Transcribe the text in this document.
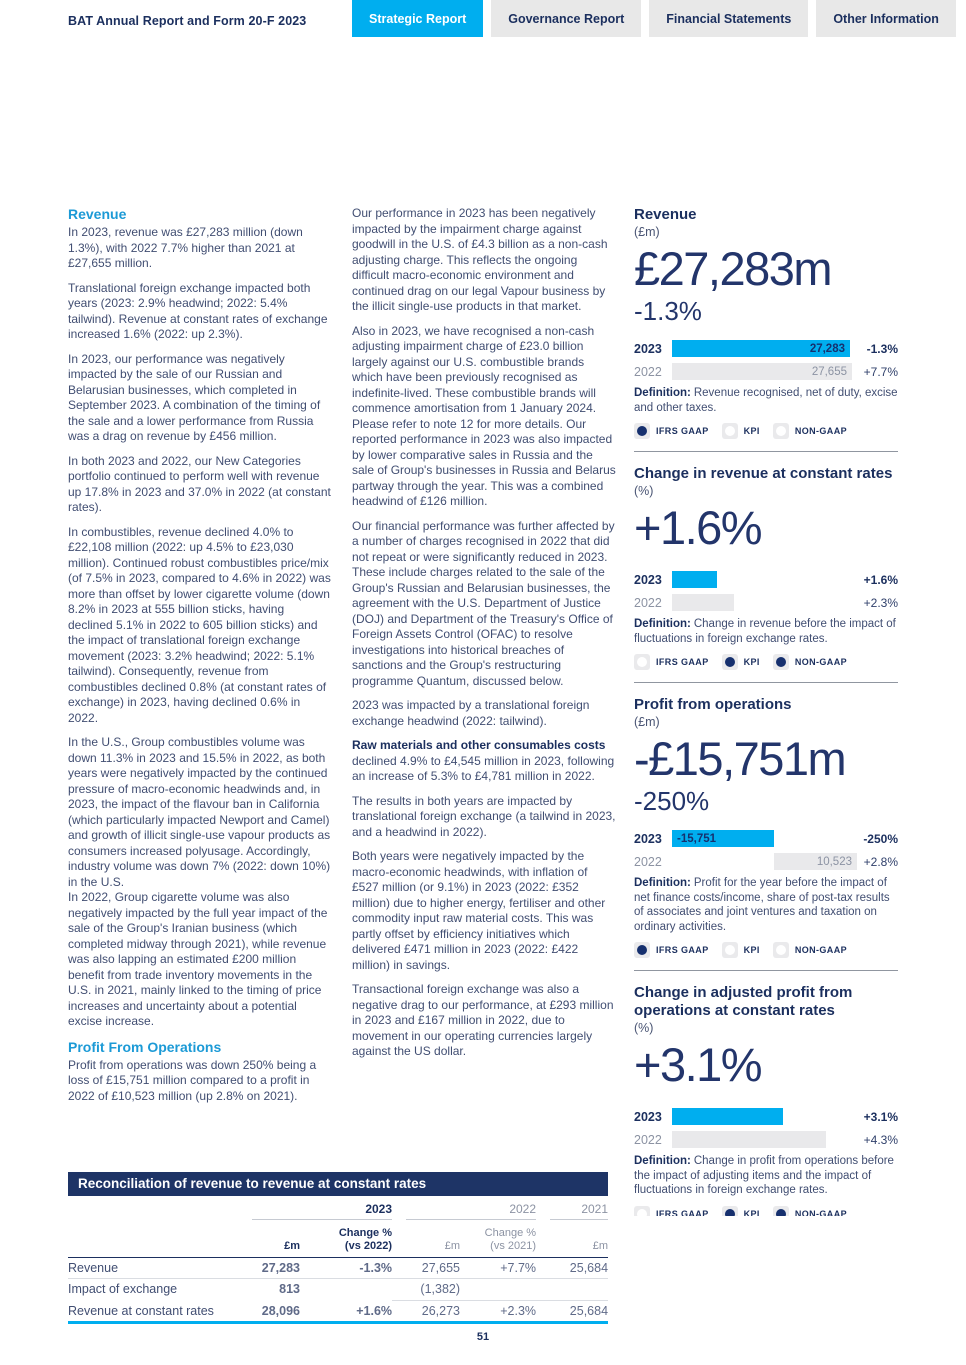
BAT Annual Report and Form 20-F 2023	Strategic Report	Governance Report	Financial Statements	Other Information
Revenue

In 2023, revenue was £27,283 million (down 1.3%), with 2022 7.7% higher than 2021 at £27,655 million.

Translational foreign exchange impacted both years (2023: 2.9% headwind; 2022: 5.4% tailwind). Revenue at constant rates of exchange increased 1.6% (2022: up 2.3%).

In 2023, our performance was negatively impacted by the sale of our Russian and Belarusian businesses, which completed in September 2023. A combination of the timing of the sale and a lower performance from Russia was a drag on revenue by £456 million.

In both 2023 and 2022, our New Categories portfolio continued to perform well with revenue up 17.8% in 2023 and 37.0% in 2022 (at constant rates).

In combustibles, revenue declined 4.0% to £22,108 million (2022: up 4.5% to £23,030 million). Continued robust combustibles price/mix (of 7.5% in 2023, compared to 4.6% in 2022) was more than offset by lower cigarette volume (down 8.2% in 2023 at 555 billion sticks, having declined 5.1% in 2022 to 605 billion sticks) and the impact of translational foreign exchange movement (2023: 3.2% headwind; 2022: 5.1% tailwind). Consequently, revenue from combustibles declined 0.8% (at constant rates of exchange) in 2023, having declined 0.6% in 2022.

In the U.S., Group combustibles volume was down 11.3% in 2023 and 15.5% in 2022, as both years were negatively impacted by the continued pressure of macro-economic headwinds and, in 2023, the impact of the flavour ban in California (which particularly impacted Newport and Camel) and growth of illicit single-use vapour products as consumers increased polyusage. Accordingly, industry volume was down 7% (2022: down 10%) in the U.S.

In 2022, Group cigarette volume was also negatively impacted by the full year impact of the sale of the Group's Iranian business (which completed midway through 2021), while revenue was also lapping an estimated £200 million benefit from trade inventory movements in the U.S. in 2021, mainly linked to the timing of price increases and uncertainty about a potential excise increase.

Profit From Operations

Profit from operations was down 250% being a loss of £15,751 million compared to a profit in 2022 of £10,523 million (up 2.8% on 2021).

Our performance in 2023 has been negatively impacted by the impairment charge against goodwill in the U.S. of £4.3 billion as a non-cash adjusting charge. This reflects the ongoing difficult macro-economic environment and continued drag on our legal Vapour business by the illicit single-use products in that market.

Also in 2023, we have recognised a non-cash adjusting impairment charge of £23.0 billion largely against our U.S. combustible brands which have been previously recognised as indefinite-lived. These combustible brands will commence amortisation from 1 January 2024. Please refer to note 12 for more details. Our reported performance in 2023 was also impacted by lower comparative sales in Russia and the sale of Group's businesses in Russia and Belarus partway through the year. This was a combined headwind of £126 million.

Our financial performance was further affected by a number of charges recognised in 2022 that did not repeat or were significantly reduced in 2023. These include charges related to the sale of the Group's Russian and Belarusian businesses, the agreement with the U.S. Department of Justice (DOJ) and Department of the Treasury's Office of Foreign Assets Control (OFAC) to resolve investigations into historical breaches of sanctions and the Group's restructuring programme Quantum, discussed below.

2023 was impacted by a translational foreign exchange headwind (2022: tailwind).

Raw materials and other consumables costs declined 4.9% to £4,545 million in 2023, following an increase of 5.3% to £4,781 million in 2022.

The results in both years are impacted by translational foreign exchange (a tailwind in 2023, and a headwind in 2022).

Both years were negatively impacted by the macro-economic headwinds, with inflation of £527 million (or 9.1%) in 2023 (2022: £352 million) due to higher energy, fertiliser and other commodity input raw material costs. This was partly offset by efficiency initiatives which delivered £471 million in 2023 (2022: £422 million) in savings.

Transactional foreign exchange was also a negative drag to our performance, at £293 million in 2023 and £167 million in 2022, due to movement in our operating currencies largely against the US dollar.

Revenue
(£m)
£27,283m
-1.3%
2023	27,283	-1.3%
2022	27,655	+7.7%

Definition: Revenue recognised, net of duty, excise and other taxes.

IFRS GAAP	KPI	NON-GAAP
Change in revenue at constant rates
(%)
+1.6%
2023	+1.6%
2022	+2.3%

Definition: Change in revenue before the impact of fluctuations in foreign exchange rates.

IFRS GAAP	KPI	NON-GAAP
Profit from operations
(£m)
-£15,751m
-250%
2023	-15,751	-250%
2022	10,523 +2.8%

Definition: Profit for the year before the impact of net finance costs/income, share of post-tax results of associates and joint ventures and taxation on ordinary activities.

IFRS GAAP	KPI	NON-GAAP
Change in adjusted profit from operations at constant rates
(%)
+3.1%
2023	+3.1%
2022	+4.3%

Definition: Change in profit from operations before the impact of adjusting items and the impact of fluctuations in foreign exchange rates.

IFRS GAAP	KPI	NON-GAAP
Reconciliation of revenue to revenue at constant rates

	2023		2022		2021

	£m	
Change %
(vs 2022)	£m	
Change %
(vs 2021)	£m
Revenue	27,283	-1.3%	27,655	+7.7%	25,684
Impact of exchange	813		(1,382)		

Revenue at constant rates	28,096	+1.6%	26,273	+2.3%	25,684
51
